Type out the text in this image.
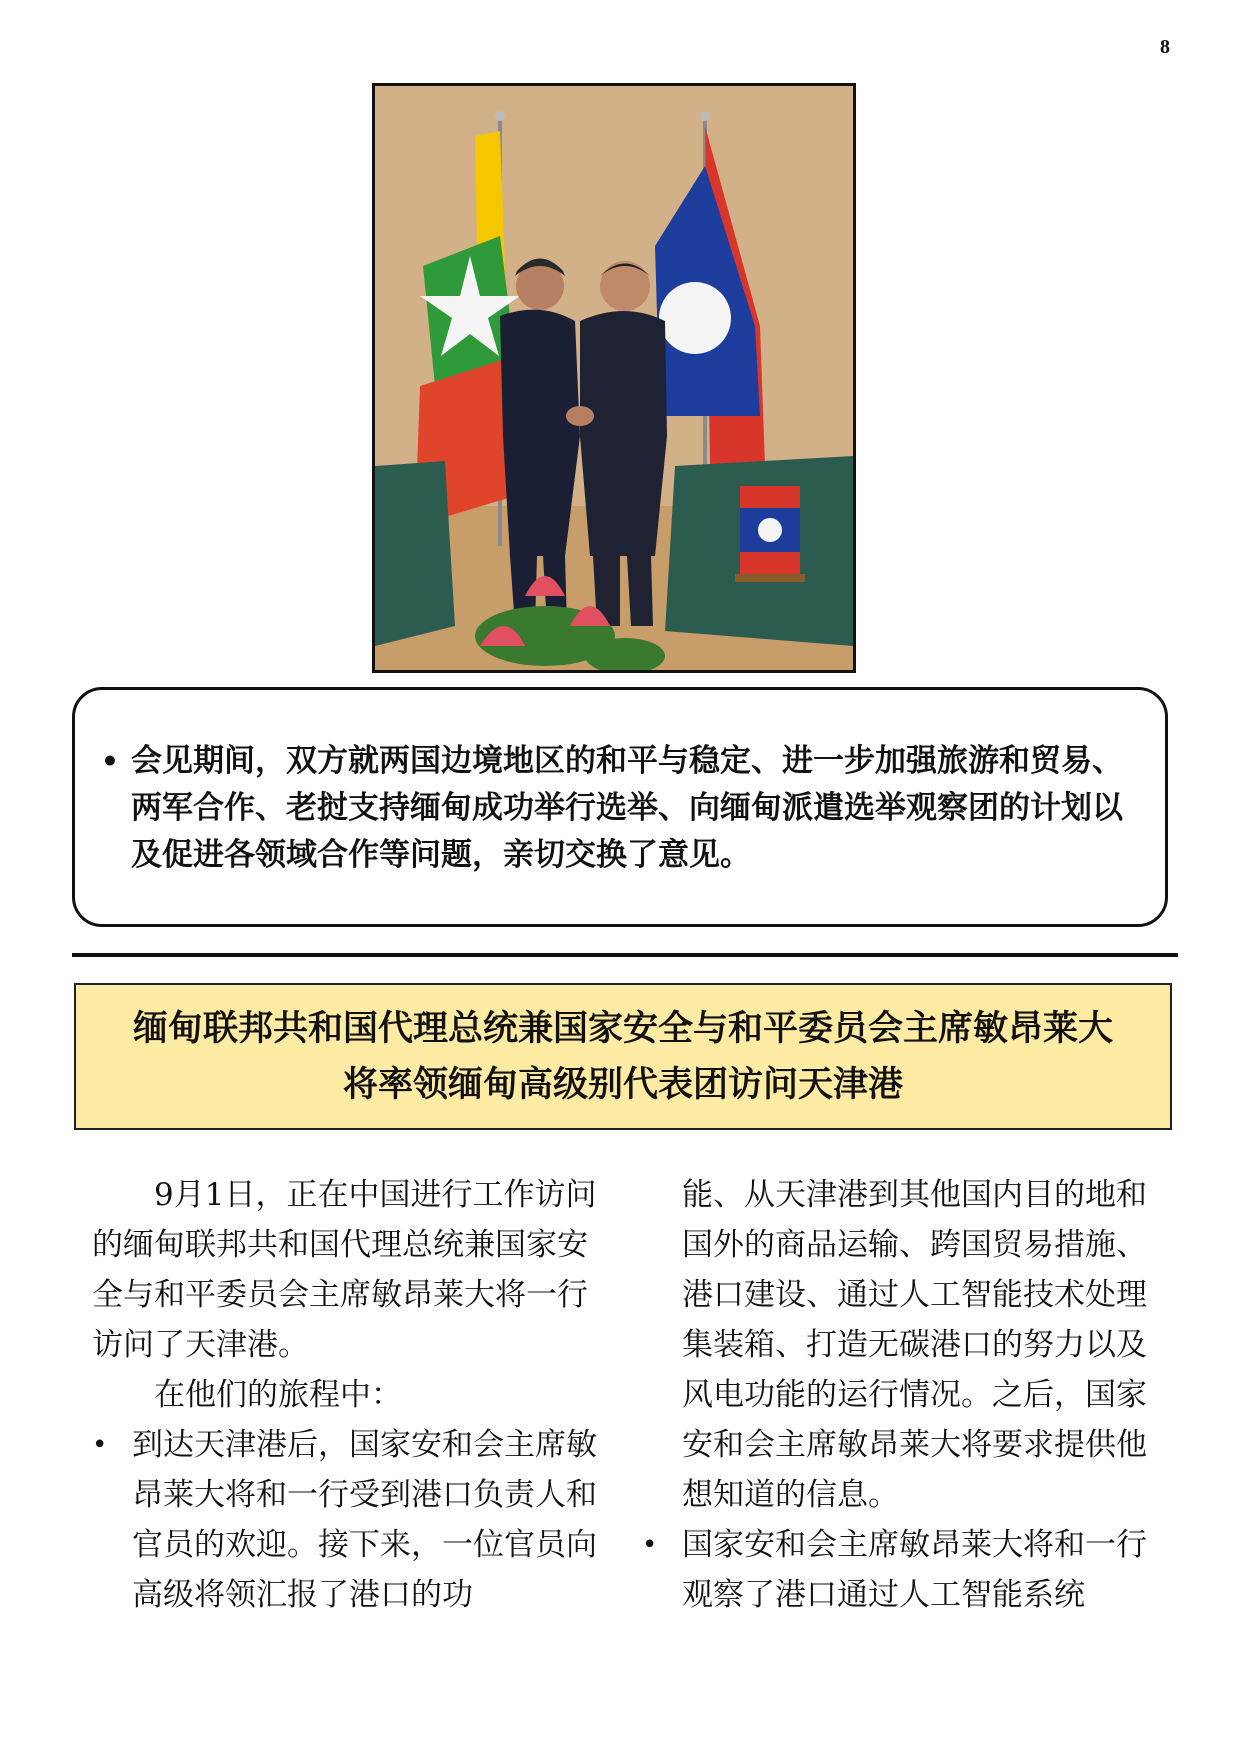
8
• 会见期间，双方就两国边境地区的和平与稳定、进一步加强旅游和贸易、两军合作、老挝支持缅甸成功举行选举、向缅甸派遣选举观察团的计划以及促进各领域合作等问题，亲切交换了意见。
缅甸联邦共和国代理总统兼国家安全与和平委员会主席敏昂莱大
将率领缅甸高级别代表团访问天津港

9月1日，正在中国进行工作访问的缅甸联邦共和国代理总统兼国家安全与和平委员会主席敏昂莱大将一行访问了天津港。

在他们的旅程中：

• 到达天津港后，国家安和会主席敏昂莱大将和一行受到港口负责人和官员的欢迎。接下来，一位官员向高级将领汇报了港口的功

能、从天津港到其他国内目的地和国外的商品运输、跨国贸易措施、港口建设、通过人工智能技术处理集装箱、打造无碳港口的努力以及风电功能的运行情况。之后，国家安和会主席敏昂莱大将要求提供他想知道的信息。

• 国家安和会主席敏昂莱大将和一行观察了港口通过人工智能系统
